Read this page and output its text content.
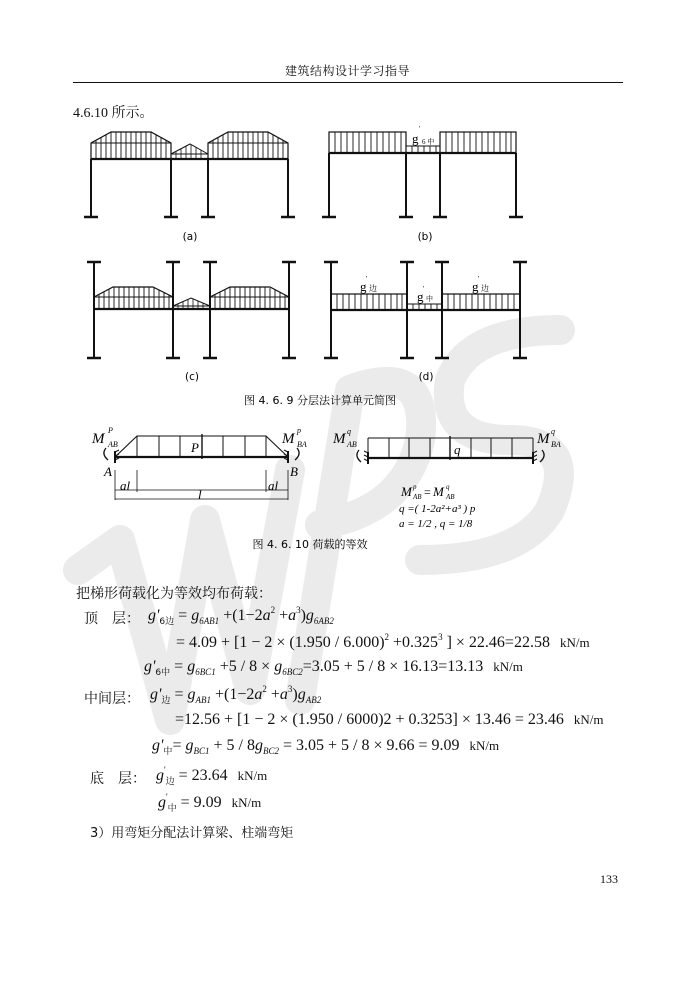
建筑结构设计学习指导
4.6.10 所示。
(a)
g
'
6 中
(b)
(c)
g '
边
g '
中
g '
边
(d)
图 4. 6. 9 分层法计算单元简图
M
P
AB	M
p
BA
P
A	B
al	al
l
M q
AB	M q
BA
q
M p
AB = M q
AB
q =( 1-2a²+a³ ) p
a = 1/2 , q = 1/8
图 4. 6. 10 荷载的等效
把梯形荷载化为等效均布荷载：
顶　层： $g'_{6边} = g_{6AB1} +(1-2a^2 +a^3)g_{6AB2}$
= $4.09 + [1 - 2 \times (1.950 / 6.000)^2 +0.325^3$ ] × 22.46=22.58 kN/m
$g'_{6中} = g_{6BC1} +5 / 8 \times g_{6BC2}=3.05 + 5 / 8 \times 16.13=13.13$ kN/m
中间层： $g'_边 = g_{AB1} +(1-2a^2 +a^3)g_{AB2}$
=12.56 + [1 − 2 × (1.950 / 6000)2 + 0.3253] × 13.46 = 23.46 kN/m
$g'_中= g_{BC1} + 5 / 8g_{BC2} = 3.05 + 5 / 8 \times 9.66 = 9.09$ kN/m
底　层： $g'_边 = 23.64$ kN/m
$g'_中 = 9.09$ kN/m
3）用弯矩分配法计算梁、柱端弯矩
133
